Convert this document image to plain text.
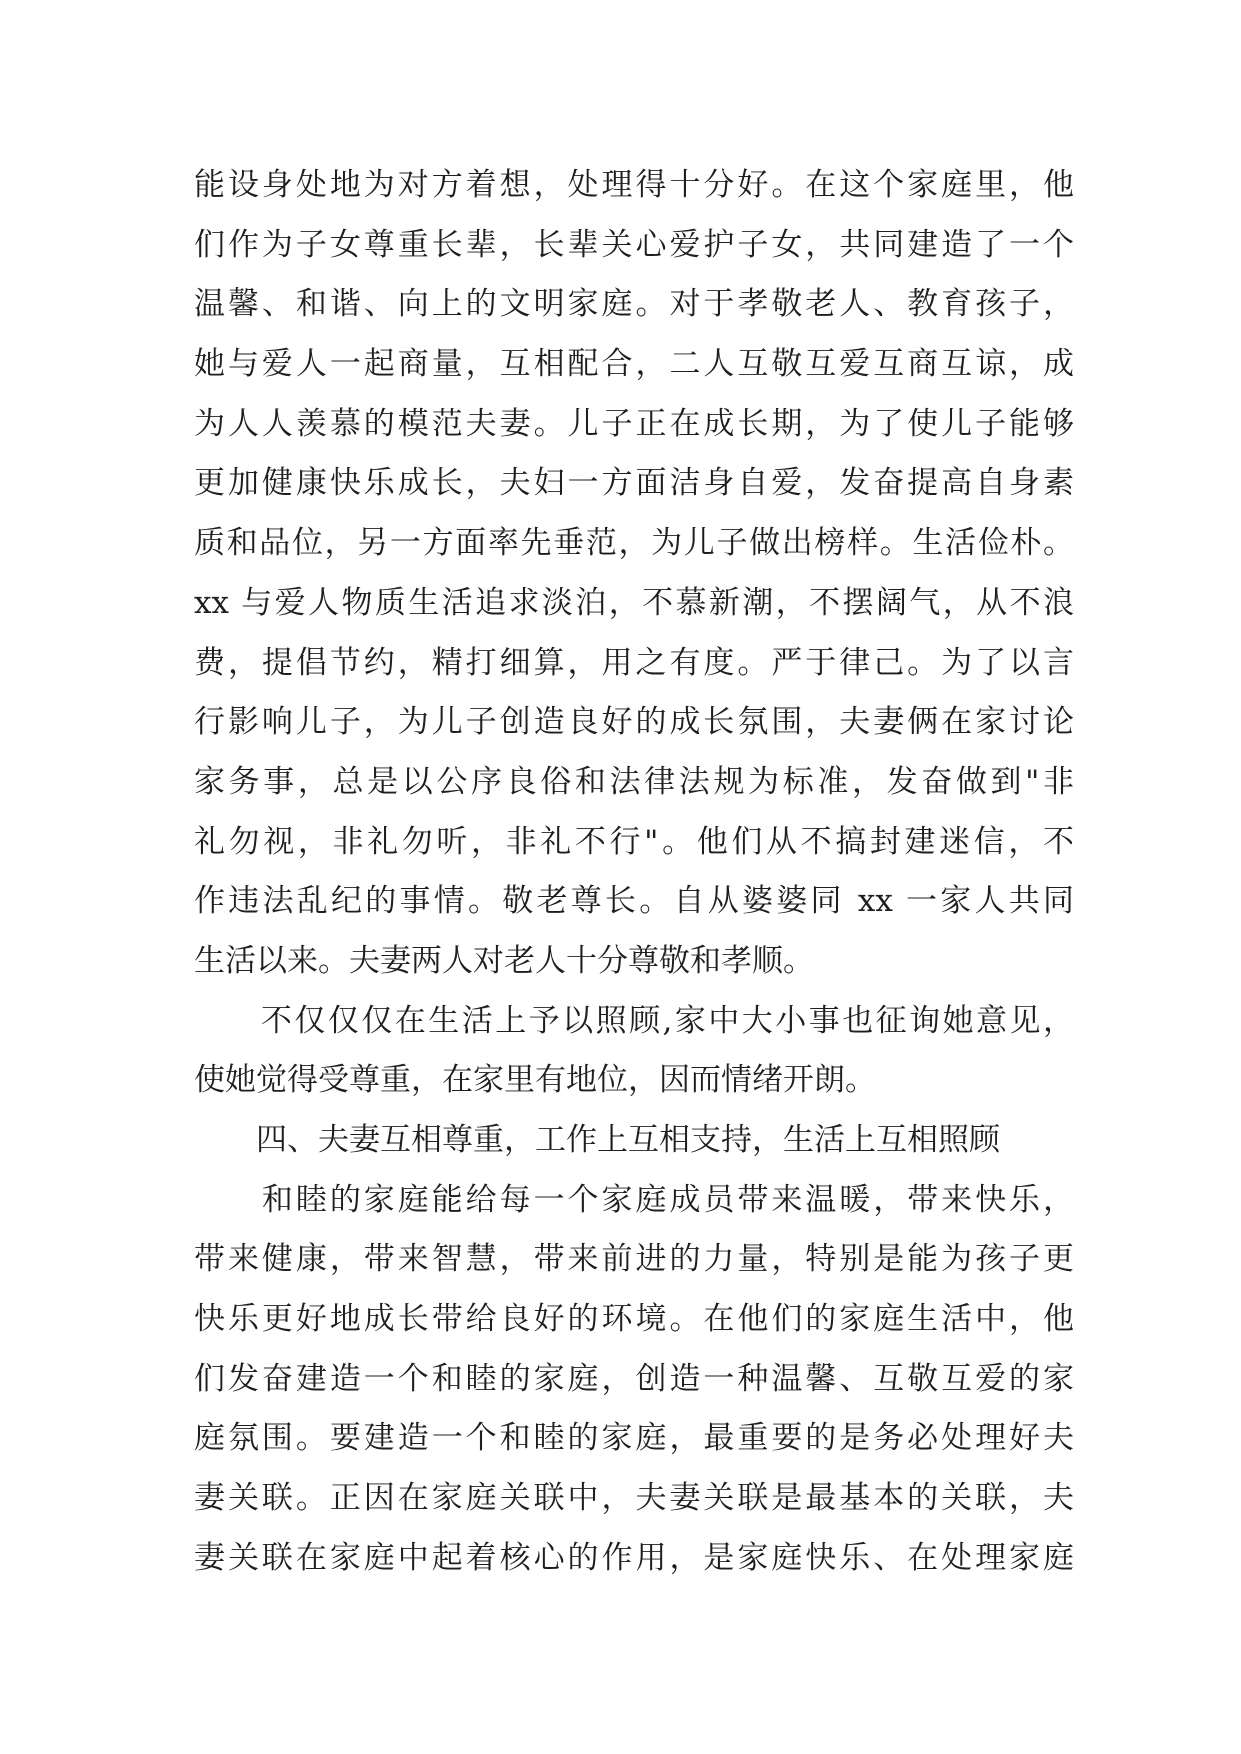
能设身处地为对方着想，处理得十分好。在这个家庭里，他
们作为子女尊重长辈，长辈关心爱护子女，共同建造了一个
温馨、和谐、向上的文明家庭。对于孝敬老人、教育孩子，
她与爱人一起商量，互相配合，二人互敬互爱互商互谅，成
为人人羡慕的模范夫妻。儿子正在成长期，为了使儿子能够
更加健康快乐成长，夫妇一方面洁身自爱，发奋提高自身素
质和品位，另一方面率先垂范，为儿子做出榜样。生活俭朴。
xx 与爱人物质生活追求淡泊，不慕新潮，不摆阔气，从不浪
费，提倡节约，精打细算，用之有度。严于律己。为了以言
行影响儿子，为儿子创造良好的成长氛围，夫妻俩在家讨论
家务事，总是以公序良俗和法律法规为标准，发奋做到"非
礼勿视，非礼勿听，非礼不行"。他们从不搞封建迷信，不
作违法乱纪的事情。敬老尊长。自从婆婆同 xx 一家人共同
生活以来。夫妻两人对老人十分尊敬和孝顺。
　　不仅仅仅在生活上予以照顾,家中大小事也征询她意见，
使她觉得受尊重，在家里有地位，因而情绪开朗。
　　四、夫妻互相尊重，工作上互相支持，生活上互相照顾
　　和睦的家庭能给每一个家庭成员带来温暖，带来快乐，
带来健康，带来智慧，带来前进的力量，特别是能为孩子更
快乐更好地成长带给良好的环境。在他们的家庭生活中，他
们发奋建造一个和睦的家庭，创造一种温馨、互敬互爱的家
庭氛围。要建造一个和睦的家庭，最重要的是务必处理好夫
妻关联。正因在家庭关联中，夫妻关联是最基本的关联，夫
妻关联在家庭中起着核心的作用，是家庭快乐、在处理家庭
